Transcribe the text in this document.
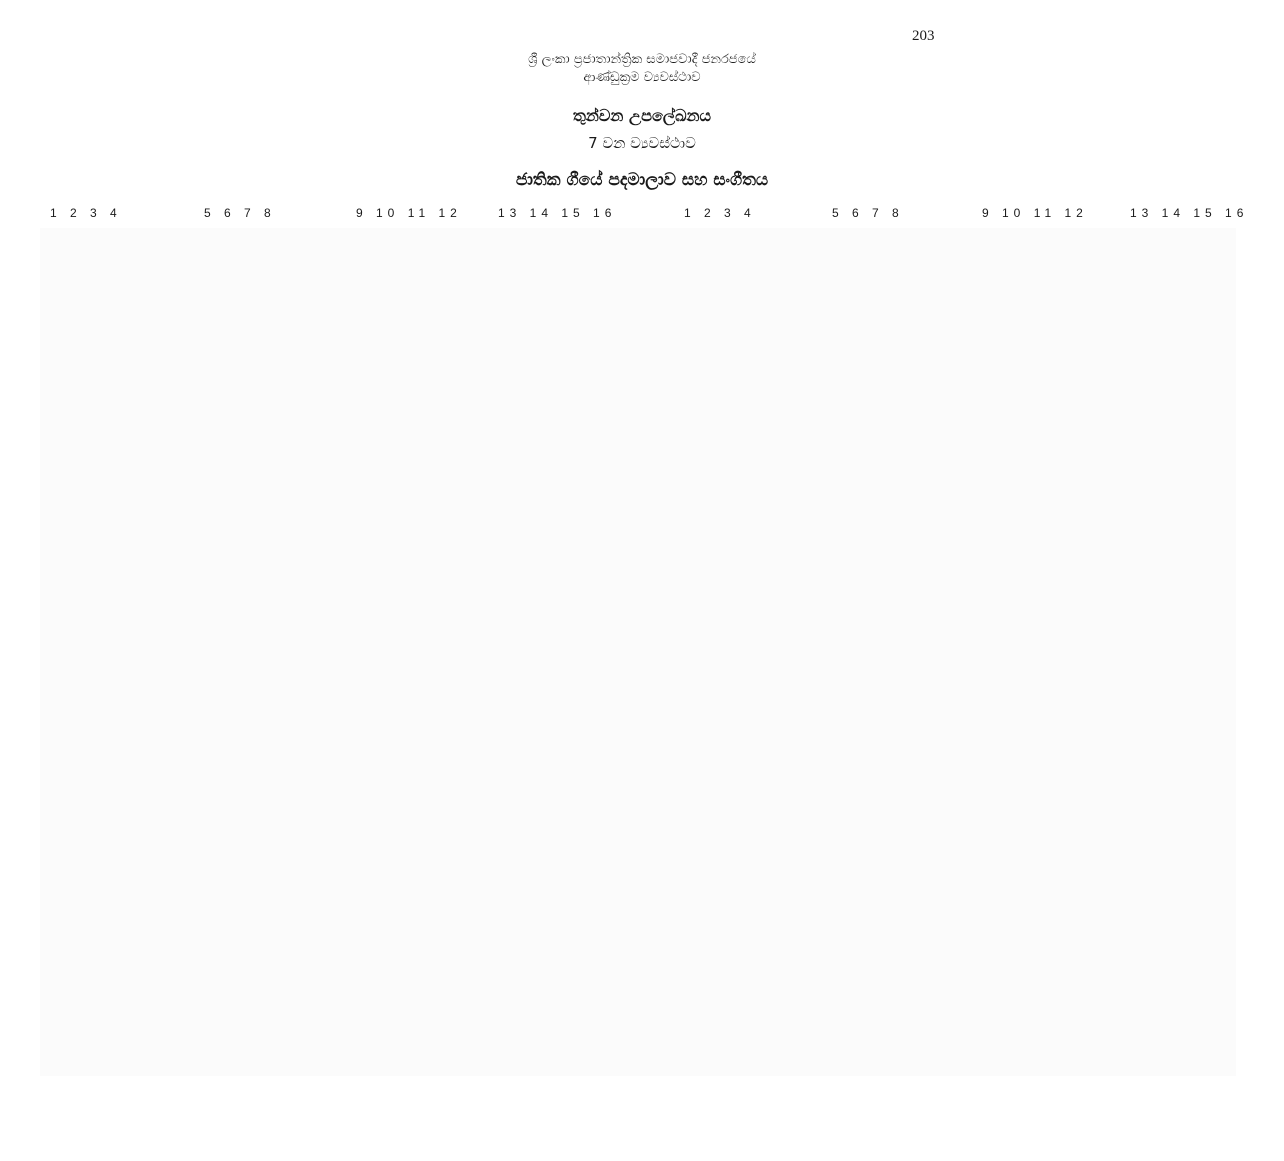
203
ශ්‍රී ලංකා ප්‍රජාතාන්ත්‍රික සමාජවාදී ජනරජයේ
ආණ්ඩුක්‍රම ව්‍යවස්ථාව
තුන්වන උපලේඛනය
7 වන ව්‍යවස්ථාව
ජාතික ගීයේ පදමාලාව සහ සංගීතය
1 2 3 4	5 6 7 8	9 10 11 12	13 14 15 16	1 2 3 4	5 6 7 8	9 10 11 12	13 14 15 16
